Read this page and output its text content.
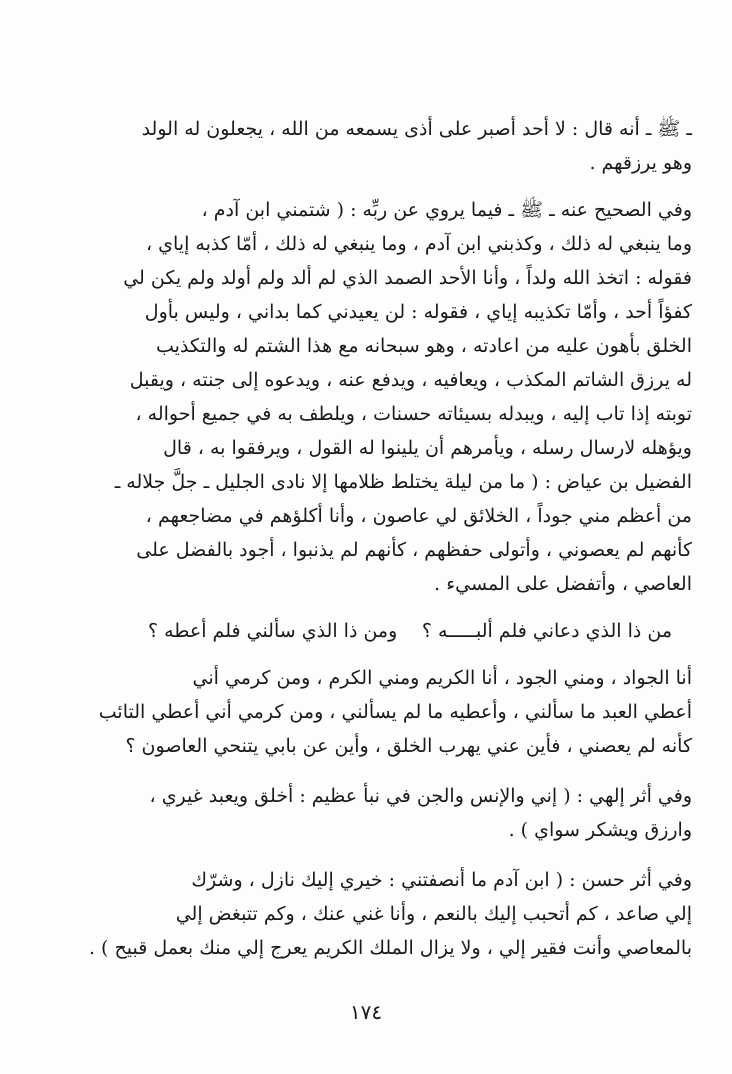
ـ ﷺ ـ أنه قال : لا أحد أصبر على أذى يسمعه من الله ، يجعلون له الولد
وهو يرزقهم .
وفي الصحيح عنه ـ ﷺ ـ فيما يروي عن ربِّه : ( شتمني ابن آدم ،
وما ينبغي له ذلك ، وكذبني ابن آدم ، وما ينبغي له ذلك ، أمّا كذبه إياي ،
فقوله : اتخذ الله ولداً ، وأنا الأحد الصمد الذي لم ألد ولم أولد ولم يكن لي
كفؤاً أحد ، وأمّا تكذيبه إياي ، فقوله : لن يعيدني كما بداني ، وليس بأول
الخلق بأهون عليه من اعادته ، وهو سبحانه مع هذا الشتم له والتكذيب
له يرزق الشاتم المكذب ، ويعافيه ، ويدفع عنه ، ويدعوه إلى جنته ، ويقبل
توبته إذا تاب إليه ، ويبدله بسيئاته حسنات ، ويلطف به في جميع أحواله ،
ويؤهله لارسال رسله ، ويأمرهم أن يلينوا له القول ، ويرفقوا به ، قال
الفضيل بن عياض : ( ما من ليلة يختلط ظلامها إلا نادى الجليل ـ جلَّ جلاله ـ
من أعظم مني جوداً ، الخلائق لي عاصون ، وأنا أكلؤهم في مضاجعهم ،
كأنهم لم يعصوني ، وأتولى حفظهم ، كأنهم لم يذنبوا ، أجود بالفضل على
العاصي ، وأتفضل على المسيء .
من ذا الذي دعاني فلم ألبـــــه ؟
ومن ذا الذي سألني فلم أعطه ؟
أنا الجواد ، ومني الجود ، أنا الكريم ومني الكرم ، ومن كرمي أني
أعطي العبد ما سألني ، وأعطيه ما لم يسألني ، ومن كرمي أني أعطي التائب
كأنه لم يعصني ، فأين عني يهرب الخلق ، وأين عن بابي يتنحي العاصون ؟
وفي أثر إلهي : ( إني والإنس والجن في نبأ عظيم : أخلق ويعبد غيري ،
وارزق ويشكر سواي ) .
وفي أثر حسن : ( ابن آدم ما أنصفتني : خيري إليك نازل ، وشرّك
إلي صاعد ، كم أتحبب إليك بالنعم ، وأنا غني عنك ، وكم تتبغض إلي
بالمعاصي وأنت فقير إلي ، ولا يزال الملك الكريم يعرج إلي منك بعمل قبيح ) .
١٧٤
